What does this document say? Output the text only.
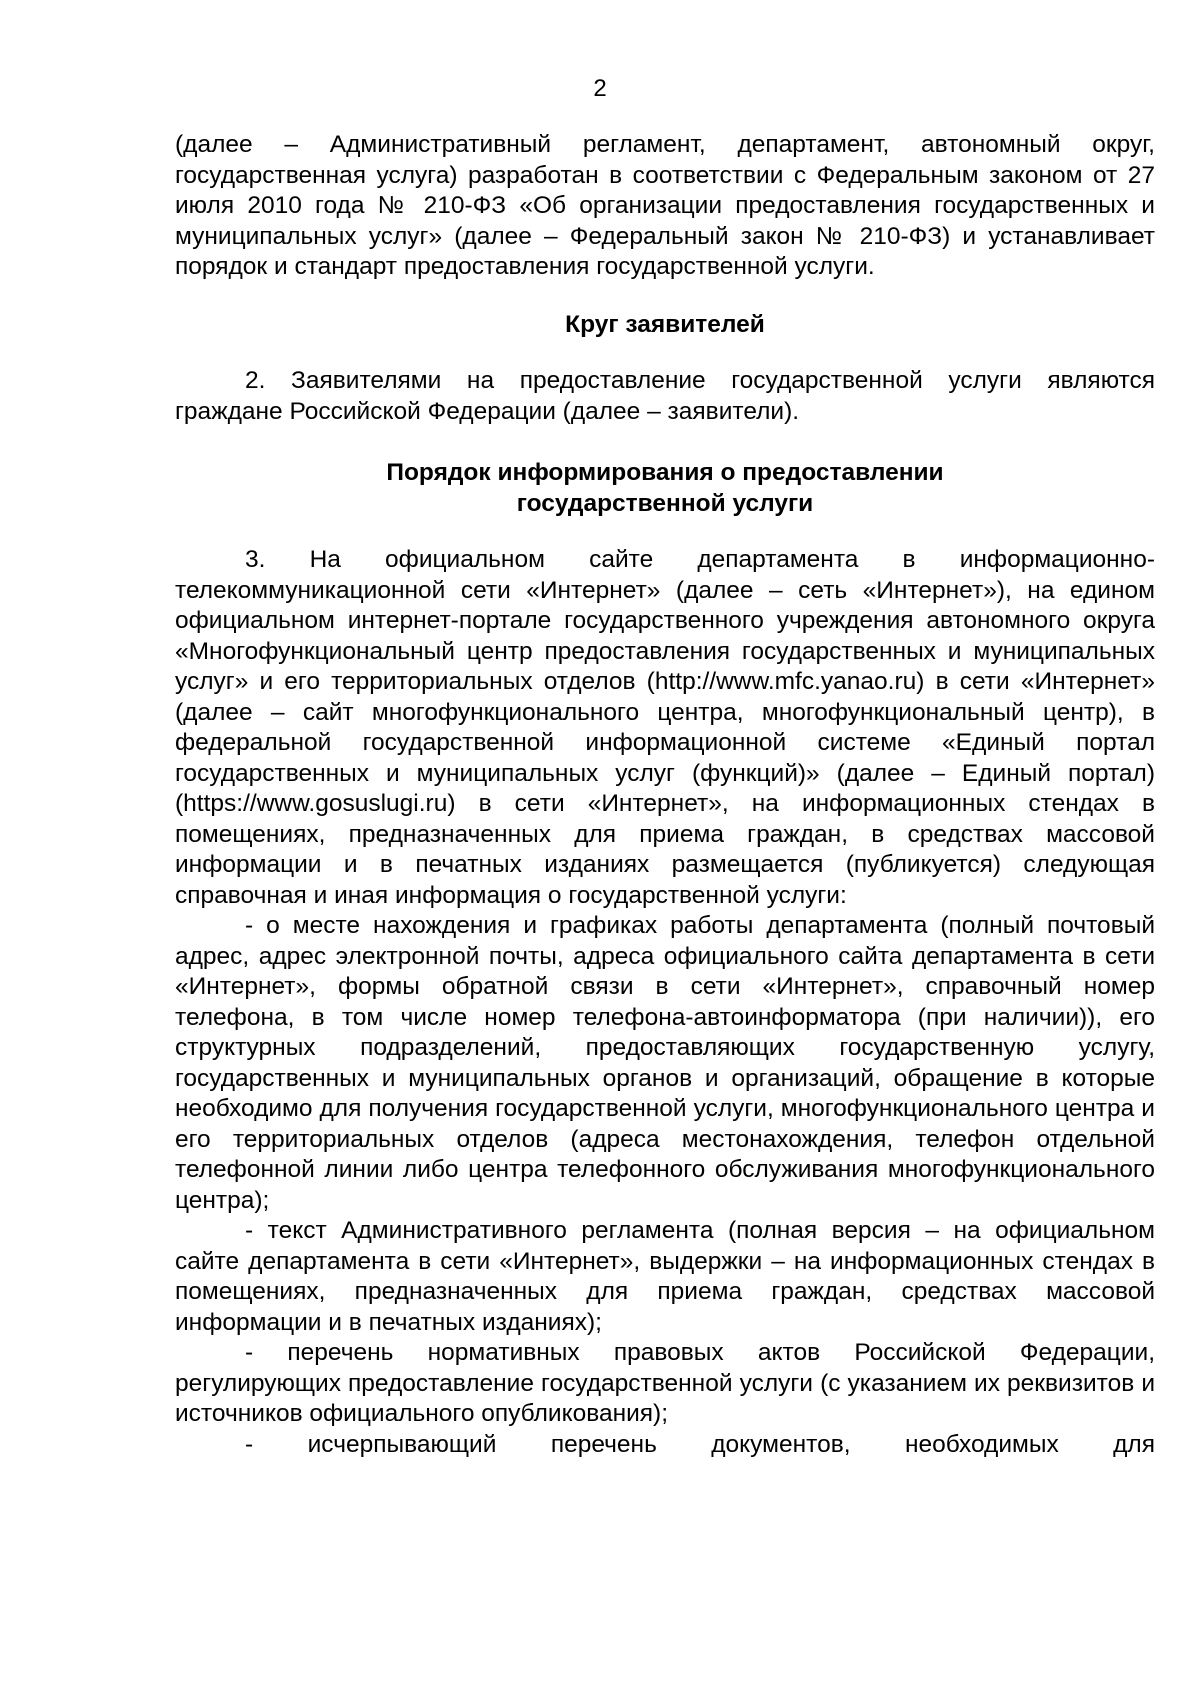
2

(далее – Административный регламент, департамент, автономный округ, государственная услуга) разработан в соответствии с Федеральным законом от 27 июля 2010 года № 210-ФЗ «Об организации предоставления государственных и муниципальных услуг» (далее – Федеральный закон № 210-ФЗ) и устанавливает порядок и стандарт предоставления государственной услуги.

Круг заявителей

2. Заявителями на предоставление государственной услуги являются граждане Российской Федерации (далее – заявители).

Порядок информирования о предоставлении
государственной услуги

3. На официальном сайте департамента в информационно-телекоммуникационной сети «Интернет» (далее – сеть «Интернет»), на едином официальном интернет-портале государственного учреждения автономного округа «Многофункциональный центр предоставления государственных и муниципальных услуг» и его территориальных отделов (http://www.mfc.yanao.ru) в сети «Интернет» (далее – сайт многофункционального центра, многофункциональный центр), в федеральной государственной информационной системе «Единый портал государственных и муниципальных услуг (функций)» (далее – Единый портал) (https://www.gosuslugi.ru) в сети «Интернет», на информационных стендах в помещениях, предназначенных для приема граждан, в средствах массовой информации и в печатных изданиях размещается (публикуется) следующая справочная и иная информация о государственной услуги:

- о месте нахождения и графиках работы департамента (полный почтовый адрес, адрес электронной почты, адреса официального сайта департамента в сети «Интернет», формы обратной связи в сети «Интернет», справочный номер телефона, в том числе номер телефона-автоинформатора (при наличии)), его структурных подразделений, предоставляющих государственную услугу, государственных и муниципальных органов и организаций, обращение в которые необходимо для получения государственной услуги, многофункционального центра и его территориальных отделов (адреса местонахождения, телефон отдельной телефонной линии либо центра телефонного обслуживания многофункционального центра);

- текст Административного регламента (полная версия – на официальном сайте департамента в сети «Интернет», выдержки – на информационных стендах в помещениях, предназначенных для приема граждан, средствах массовой информации и в печатных изданиях);

- перечень нормативных правовых актов Российской Федерации, регулирующих предоставление государственной услуги (с указанием их реквизитов и источников официального опубликования);

- исчерпывающий перечень документов, необходимых для
